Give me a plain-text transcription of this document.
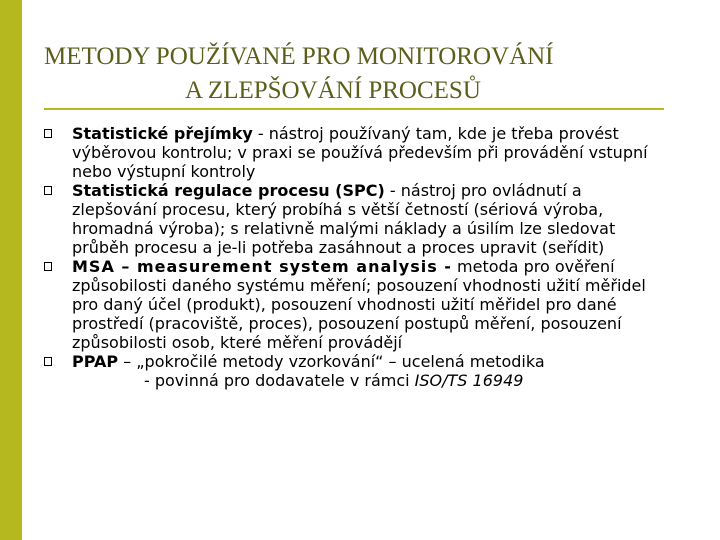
METODY POUŽÍVANÉ PRO MONITOROVÁNÍ
A ZLEPŠOVÁNÍ PROCESŮ
Statistické přejímky - nástroj používaný tam, kde je třeba provést výběrovou kontrolu; v praxi se používá především při provádění vstupní nebo výstupní kontroly
Statistická regulace procesu (SPC) - nástroj pro ovládnutí a zlepšování procesu, který probíhá s větší četností (sériová výroba, hromadná výroba); s relativně malými náklady a úsilím lze sledovat průběh procesu a je-li potřeba zasáhnout a proces upravit (seřídit)
MSA – measurement system analysis - metoda pro ověření způsobilosti daného systému měření; posouzení vhodnosti užití měřidel pro daný účel (produkt), posouzení vhodnosti užití měřidel pro dané prostředí (pracoviště, proces), posouzení postupů měření, posouzení způsobilosti osob, které měření provádějí
PPAP – „pokročilé metody vzorkování“ – ucelená metodika
- povinná pro dodavatele v rámci ISO/TS 16949
